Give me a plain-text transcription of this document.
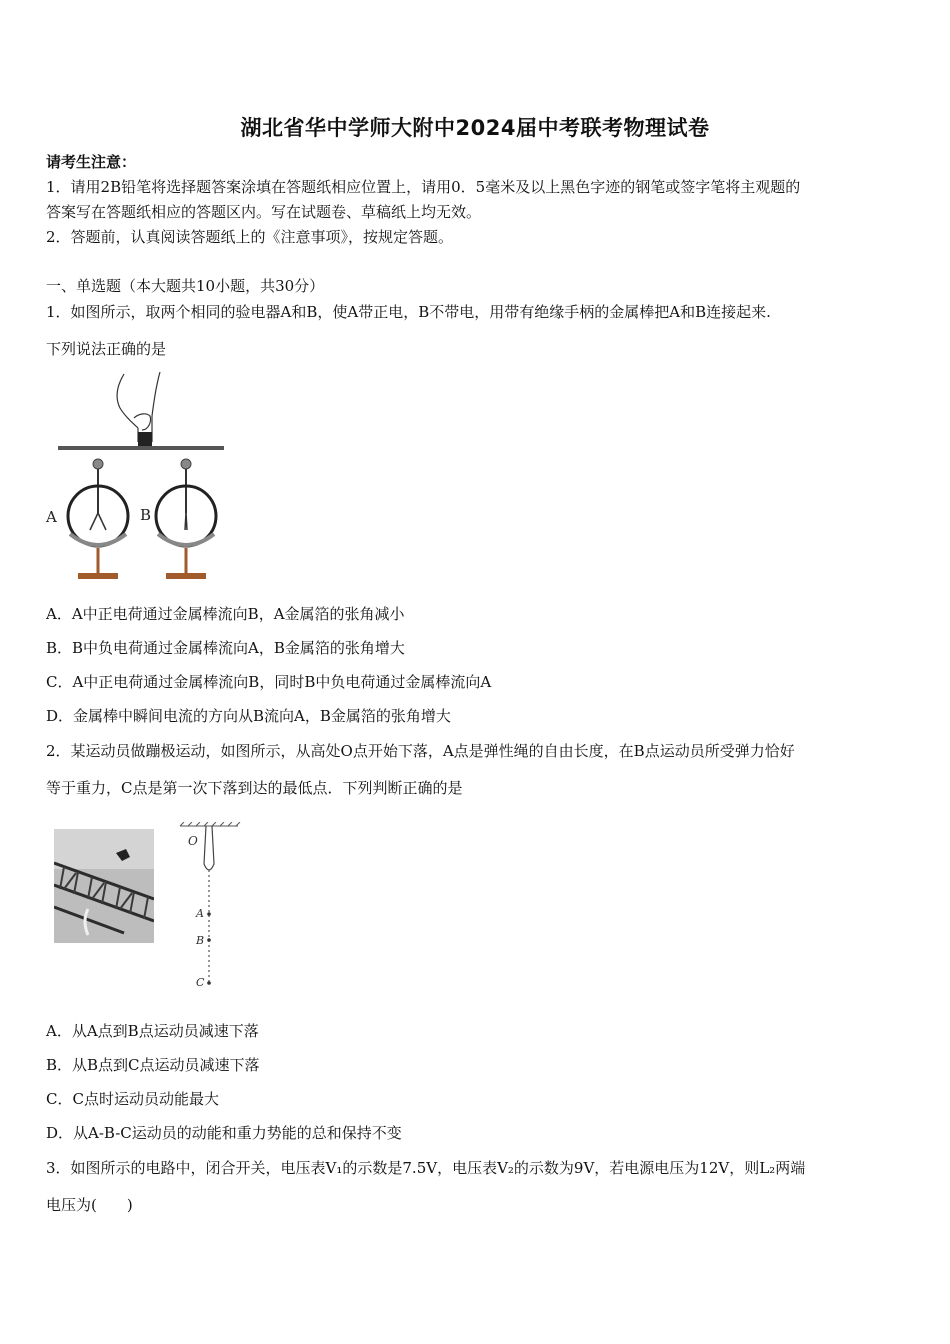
湖北省华中学师大附中2024届中考联考物理试卷
请考生注意：
1．请用2B铅笔将选择题答案涂填在答题纸相应位置上，请用0．5毫米及以上黑色字迹的钢笔或签字笔将主观题的
答案写在答题纸相应的答题区内。写在试题卷、草稿纸上均无效。
2．答题前，认真阅读答题纸上的《注意事项》，按规定答题。
一、单选题（本大题共10小题，共30分）
1．如图所示，取两个相同的验电器A和B，使A带正电，B不带电，用带有绝缘手柄的金属棒把A和B连接起来.
下列说法正确的是
A	B
A．A中正电荷通过金属棒流向B，A金属箔的张角减小
B．B中负电荷通过金属棒流向A，B金属箔的张角增大
C．A中正电荷通过金属棒流向B，同时B中负电荷通过金属棒流向A
D．金属棒中瞬间电流的方向从B流向A，B金属箔的张角增大
2．某运动员做蹦极运动，如图所示，从高处O点开始下落，A点是弹性绳的自由长度，在B点运动员所受弹力恰好
等于重力，C点是第一次下落到达的最低点．下列判断正确的是
O
A
B
C
A．从A点到B点运动员减速下落
B．从B点到C点运动员减速下落
C．C点时运动员动能最大
D．从A-B-C运动员的动能和重力势能的总和保持不变
3．如图所示的电路中，闭合开关，电压表V₁的示数是7.5V，电压表V₂的示数为9V，若电源电压为12V，则L₂两端
电压为(　　)
